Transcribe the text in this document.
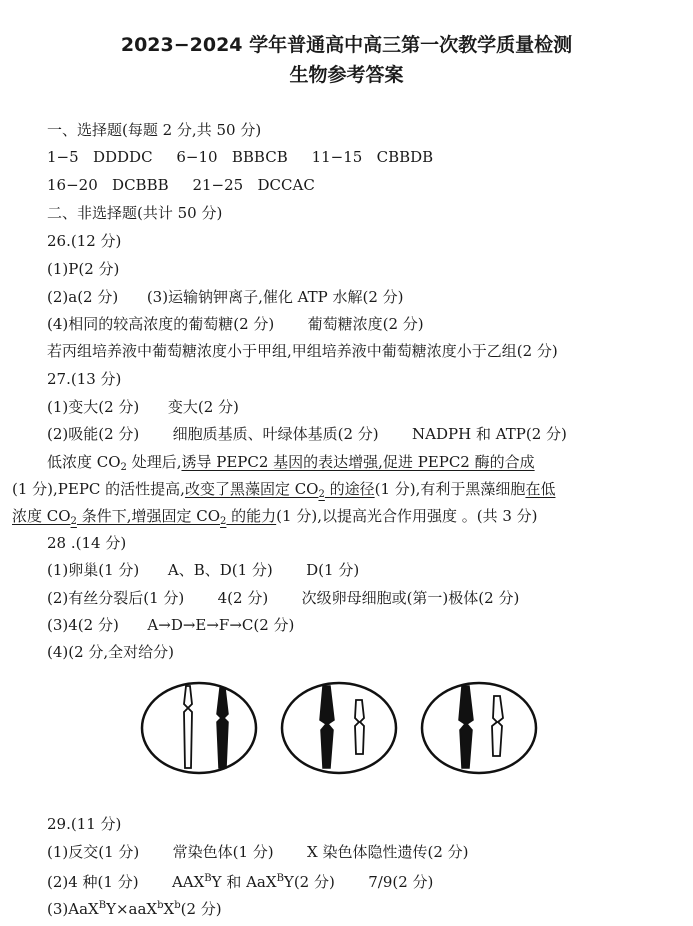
2023−2024 学年普通高中高三第一次教学质量检测
生物参考答案
一、选择题(每题 2 分,共 50 分)
1−5   DDDDC     6−10   BBBCB     11−15   CBBDB
16−20   DCBBB     21−25   DCCAC
二、非选择题(共计 50 分)
26.(12 分)
(1)P(2 分)
(2)a(2 分)      (3)运输钠钾离子,催化 ATP 水解(2 分)
(4)相同的较高浓度的葡萄糖(2 分)       葡萄糖浓度(2 分)
若丙组培养液中葡萄糖浓度小于甲组,甲组培养液中葡萄糖浓度小于乙组(2 分)
27.(13 分)
(1)变大(2 分)      变大(2 分)
(2)吸能(2 分)       细胞质基质、叶绿体基质(2 分)       NADPH 和 ATP(2 分)
低浓度 $CO_2$ 处理后,诱导 PEPC2 基因的表达增强,促进 PEPC2 酶的合成
(1 分),PEPC 的活性提高,改变了黑藻固定 $CO_2$ 的途径(1 分),有利于黑藻细胞在低
浓度 $CO_2$ 条件下,增强固定 $CO_2$ 的能力(1 分),以提高光合作用强度 。(共 3 分)
28 .(14 分)
(1)卵巢(1 分)      A、B、D(1 分)       D(1 分)
(2)有丝分裂后(1 分)       4(2 分)       次级卵母细胞或(第一)极体(2 分)
(3)4(2 分)      A→D→E→F→C(2 分)
(4)(2 分,全对给分)
29.(11 分)
(1)反交(1 分)       常染色体(1 分)       X 染色体隐性遗传(2 分)
(2)4 种(1 分)       $AAX^BY$ 和 AaX$^B$Y(2 分)       7/9(2 分)
$(3)AaX^BY\times aaX^bX^b(2$ 分)
